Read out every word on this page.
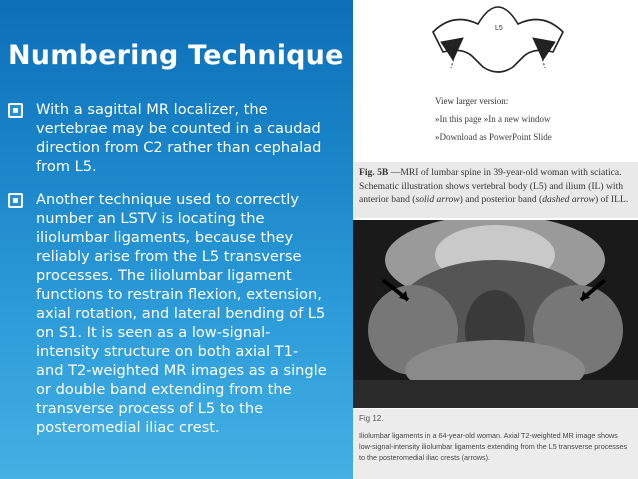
Numbering Technique
With a sagittal MR localizer, the vertebrae may be counted in a caudad direction from C2 rather than cephalad from L5.
Another technique used to correctly number an LSTV is locating the iliolumbar ligaments, because they reliably arise from the L5 transverse processes. The iliolumbar ligament functions to restrain flexion, extension, axial rotation, and lateral bending of L5 on S1. It is seen as a low-signal-intensity structure on both axial T1- and T2-weighted MR images as a single or double band extending from the transverse process of L5 to the posteromedial iliac crest.
L5
View larger version:
»In this page »In a new window
»Download as PowerPoint Slide
Fig. 5B —MRI of lumbar spine in 39-year-old woman with sciatica. Schematic illustration shows vertebral body (L5) and ilium (IL) with anterior band (solid arrow) and posterior band (dashed arrow) of ILL.
Fig 12.
Iliolumbar ligaments in a 64-year-old woman. Axial T2-weighted MR image shows low-signal-intensity iliolumbar ligaments extending from the L5 transverse processes to the posteromedial iliac crests (arrows).
